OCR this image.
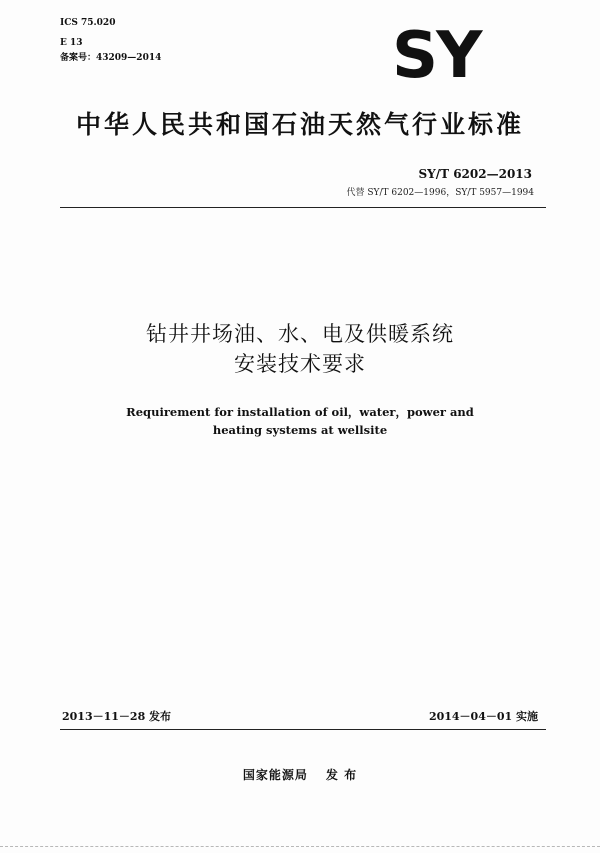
ICS 75.020
E 13
备案号：43209—2014	SY
中华人民共和国石油天然气行业标准
SY/T 6202—2013
代替 SY/T 6202—1996，SY/T 5957—1994
钻井井场油、水、电及供暖系统
安装技术要求
Requirement for installation of oil，water，power and
heating systems at wellsite
2013－11－28 发布	2014－04－01 实施
国家能源局 发 布
